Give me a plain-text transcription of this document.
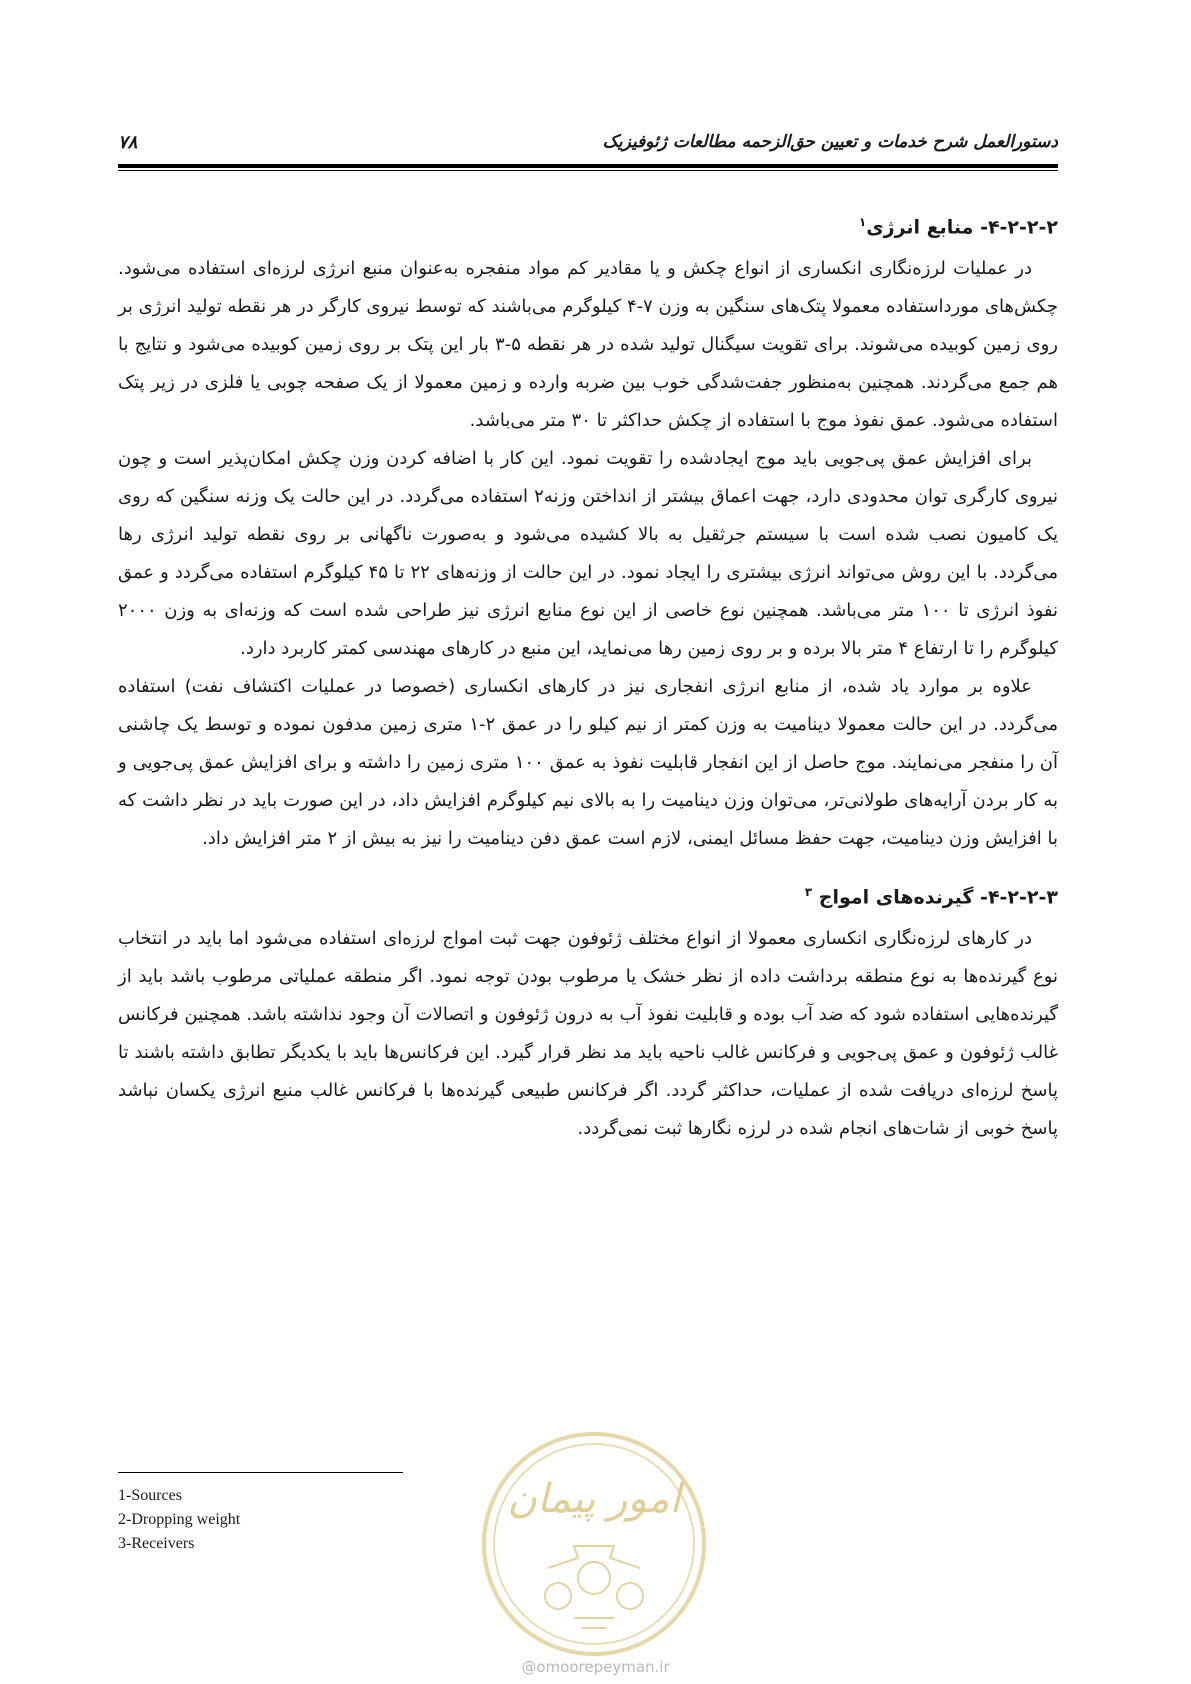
دستورالعمل شرح خدمات و تعیین حق‌الزحمه مطالعات ژئوفیزیک
۷۸
۴-۲-۲-۲- منابع انرژی$^۱$

در عملیات لرزه‌نگاری انکساری از انواع چکش و یا مقادیر کم مواد منفجره به‌عنوان منبع انرژی لرزه‌ای استفاده می‌شود. چکش‌های مورداستفاده معمولا پتک‌های سنگین به وزن ۷-۴ کیلوگرم می‌باشند که توسط نیروی کارگر در هر نقطه تولید انرژی بر روی زمین کوبیده می‌شوند. برای تقویت سیگنال تولید شده در هر نقطه ۵-۳ بار این پتک بر روی زمین کوبیده می‌شود و نتایج با هم جمع می‌گردند. همچنین به‌منظور جفت‌شدگی خوب بین ضربه وارده و زمین معمولا از یک صفحه چوبی یا فلزی در زیر پتک استفاده می‌شود. عمق نفوذ موج با استفاده از چکش حداکثر تا ۳۰ متر می‌باشد.

برای افزایش عمق پی‌جویی باید موج ایجادشده را تقویت نمود. این کار با اضافه کردن وزن چکش امکان‌پذیر است و چون نیروی کارگری توان محدودی دارد، جهت اعماق بیشتر از انداختن وزنه۲ استفاده می‌گردد. در این حالت یک وزنه سنگین که روی یک کامیون نصب شده است با سیستم جرثقیل به بالا کشیده می‌شود و به‌صورت ناگهانی بر روی نقطه تولید انرژی رها می‌گردد. با این روش می‌تواند انرژی بیشتری را ایجاد نمود. در این حالت از وزنه‌های ۲۲ تا ۴۵ کیلوگرم استفاده می‌گردد و عمق نفوذ انرژی تا ۱۰۰ متر می‌باشد. همچنین نوع خاصی از این نوع منابع انرژی نیز طراحی شده است که وزنه‌ای به وزن ۲۰۰۰ کیلوگرم را تا ارتفاع ۴ متر بالا برده و بر روی زمین رها می‌نماید، این منبع در کارهای مهندسی کمتر کاربرد دارد.

علاوه بر موارد یاد شده، از منابع انرژی انفجاری نیز در کارهای انکساری (خصوصا در عملیات اکتشاف نفت) استفاده می‌گردد. در این حالت معمولا دینامیت به وزن کمتر از نیم کیلو را در عمق ۲-۱ متری زمین مدفون نموده و توسط یک چاشنی آن را منفجر می‌نمایند. موج حاصل از این انفجار قابلیت نفوذ به عمق ۱۰۰ متری زمین را داشته و برای افزایش عمق پی‌جویی و به کار بردن آرایه‌های طولانی‌تر، می‌توان وزن دینامیت را به بالای نیم کیلوگرم افزایش داد، در این صورت باید در نظر داشت که با افزایش وزن دینامیت، جهت حفظ مسائل ایمنی، لازم است عمق دفن دینامیت را نیز به بیش از ۲ متر افزایش داد.

۴-۲-۲-۳- گیرنده‌های امواج $^۳$

در کارهای لرزه‌نگاری انکساری معمولا از انواع مختلف ژئوفون جهت ثبت امواج لرزه‌ای استفاده می‌شود اما باید در انتخاب نوع گیرنده‌ها به نوع منطقه برداشت داده از نظر خشک یا مرطوب بودن توجه نمود. اگر منطقه عملیاتی مرطوب باشد باید از گیرنده‌هایی استفاده شود که ضد آب بوده و قابلیت نفوذ آب به درون ژئوفون و اتصالات آن وجود نداشته باشد. همچنین فرکانس غالب ژئوفون و عمق پی‌جویی و فرکانس غالب ناحیه باید مد نظر قرار گیرد. این فرکانس‌ها باید با یکدیگر تطابق داشته باشند تا پاسخ لرزه‌ای دریافت شده از عملیات، حداکثر گردد. اگر فرکانس طبیعی گیرنده‌ها با فرکانس غالب منبع انرژی یکسان نباشد پاسخ خوبی از شات‌های انجام شده در لرزه نگارها ثبت نمی‌گردد.

1-Sources
2-Dropping weight
3-Receivers
امور پیمان
@omoorepeyman.ir
